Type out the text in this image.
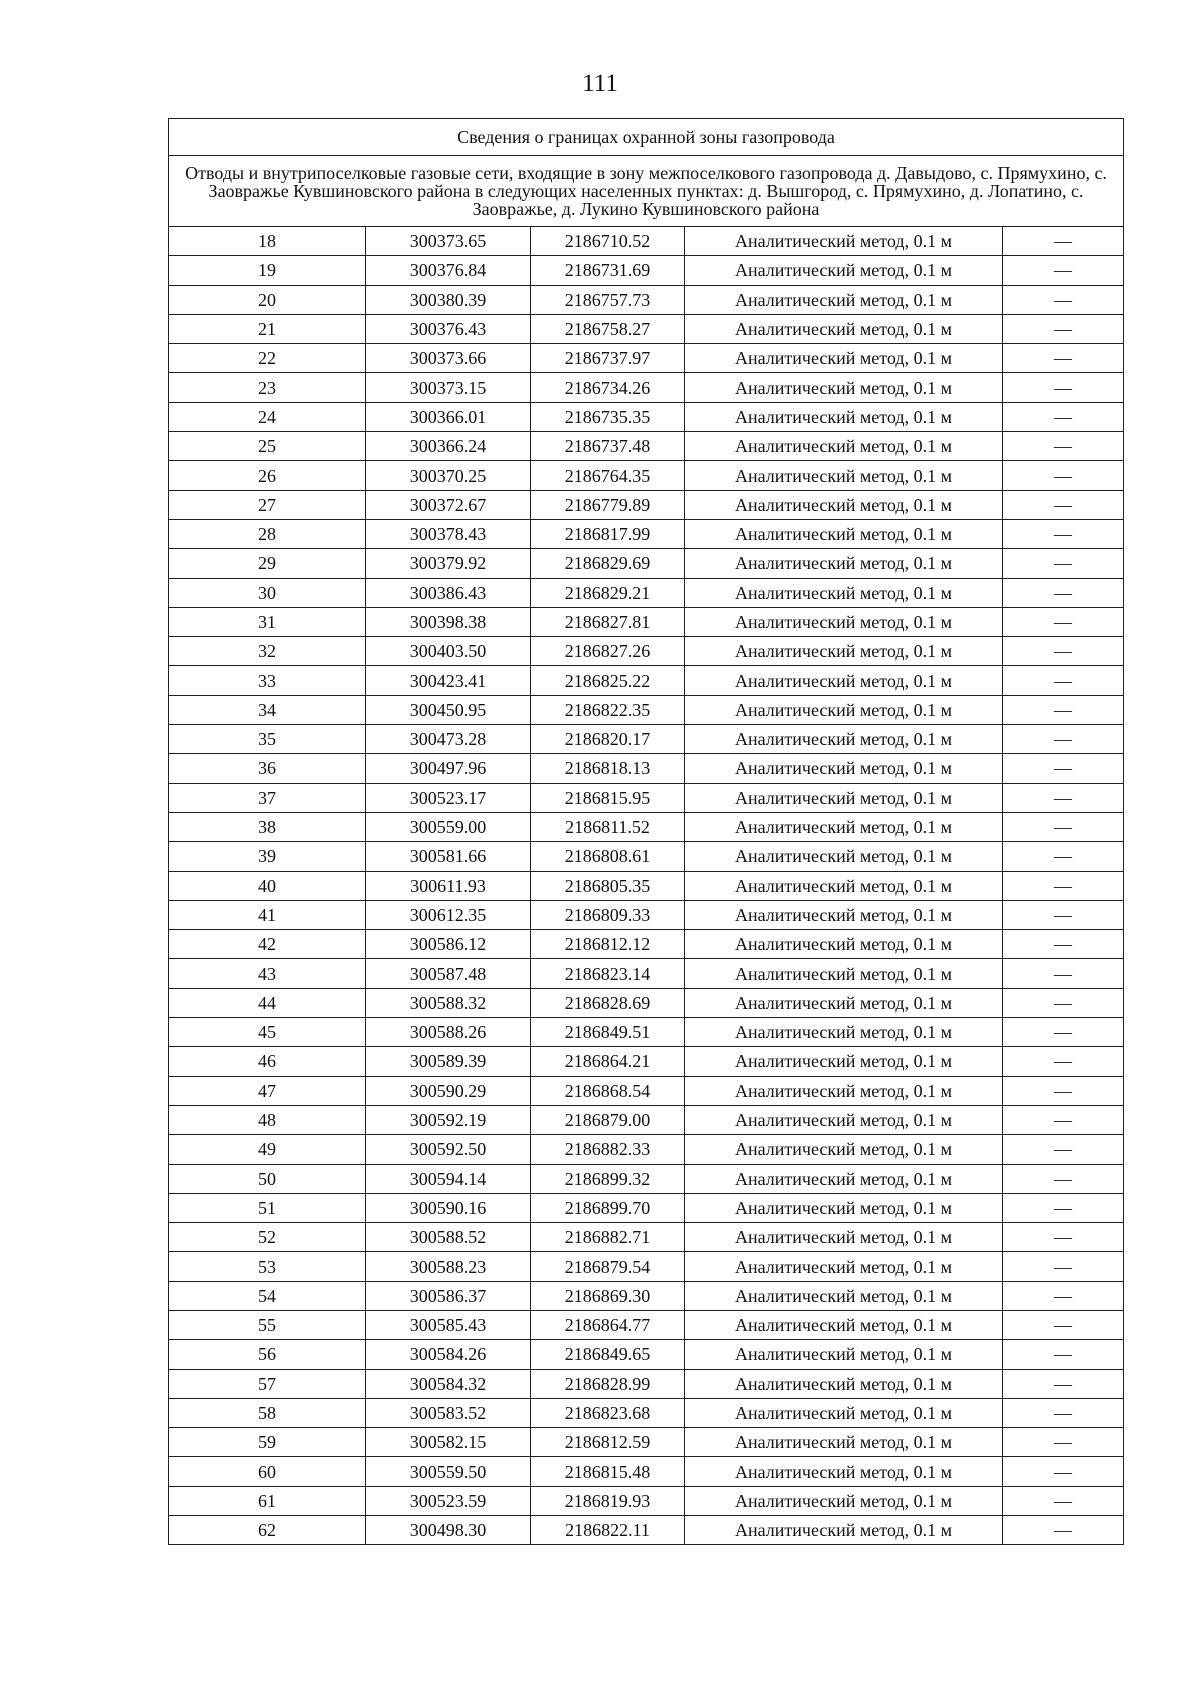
111
Сведения о границах охранной зоны газопровода				
Отводы и внутрипоселковые газовые сети, входящие в зону межпоселкового газопровода д. Давыдово, с. Прямухино, с. Заовражье Кувшиновского района в следующих населенных пунктах: д. Вышгород, с. Прямухино, д. Лопатино, с. Заовражье, д. Лукино Кувшиновского района				
18	300373.65	2186710.52	Аналитический метод, 0.1 м	—
19	300376.84	2186731.69	Аналитический метод, 0.1 м	—
20	300380.39	2186757.73	Аналитический метод, 0.1 м	—
21	300376.43	2186758.27	Аналитический метод, 0.1 м	—
22	300373.66	2186737.97	Аналитический метод, 0.1 м	—
23	300373.15	2186734.26	Аналитический метод, 0.1 м	—
24	300366.01	2186735.35	Аналитический метод, 0.1 м	—
25	300366.24	2186737.48	Аналитический метод, 0.1 м	—
26	300370.25	2186764.35	Аналитический метод, 0.1 м	—
27	300372.67	2186779.89	Аналитический метод, 0.1 м	—
28	300378.43	2186817.99	Аналитический метод, 0.1 м	—
29	300379.92	2186829.69	Аналитический метод, 0.1 м	—
30	300386.43	2186829.21	Аналитический метод, 0.1 м	—
31	300398.38	2186827.81	Аналитический метод, 0.1 м	—
32	300403.50	2186827.26	Аналитический метод, 0.1 м	—
33	300423.41	2186825.22	Аналитический метод, 0.1 м	—
34	300450.95	2186822.35	Аналитический метод, 0.1 м	—
35	300473.28	2186820.17	Аналитический метод, 0.1 м	—
36	300497.96	2186818.13	Аналитический метод, 0.1 м	—
37	300523.17	2186815.95	Аналитический метод, 0.1 м	—
38	300559.00	2186811.52	Аналитический метод, 0.1 м	—
39	300581.66	2186808.61	Аналитический метод, 0.1 м	—
40	300611.93	2186805.35	Аналитический метод, 0.1 м	—
41	300612.35	2186809.33	Аналитический метод, 0.1 м	—
42	300586.12	2186812.12	Аналитический метод, 0.1 м	—
43	300587.48	2186823.14	Аналитический метод, 0.1 м	—
44	300588.32	2186828.69	Аналитический метод, 0.1 м	—
45	300588.26	2186849.51	Аналитический метод, 0.1 м	—
46	300589.39	2186864.21	Аналитический метод, 0.1 м	—
47	300590.29	2186868.54	Аналитический метод, 0.1 м	—
48	300592.19	2186879.00	Аналитический метод, 0.1 м	—
49	300592.50	2186882.33	Аналитический метод, 0.1 м	—
50	300594.14	2186899.32	Аналитический метод, 0.1 м	—
51	300590.16	2186899.70	Аналитический метод, 0.1 м	—
52	300588.52	2186882.71	Аналитический метод, 0.1 м	—
53	300588.23	2186879.54	Аналитический метод, 0.1 м	—
54	300586.37	2186869.30	Аналитический метод, 0.1 м	—
55	300585.43	2186864.77	Аналитический метод, 0.1 м	—
56	300584.26	2186849.65	Аналитический метод, 0.1 м	—
57	300584.32	2186828.99	Аналитический метод, 0.1 м	—
58	300583.52	2186823.68	Аналитический метод, 0.1 м	—
59	300582.15	2186812.59	Аналитический метод, 0.1 м	—
60	300559.50	2186815.48	Аналитический метод, 0.1 м	—
61	300523.59	2186819.93	Аналитический метод, 0.1 м	—
62	300498.30	2186822.11	Аналитический метод, 0.1 м	—
